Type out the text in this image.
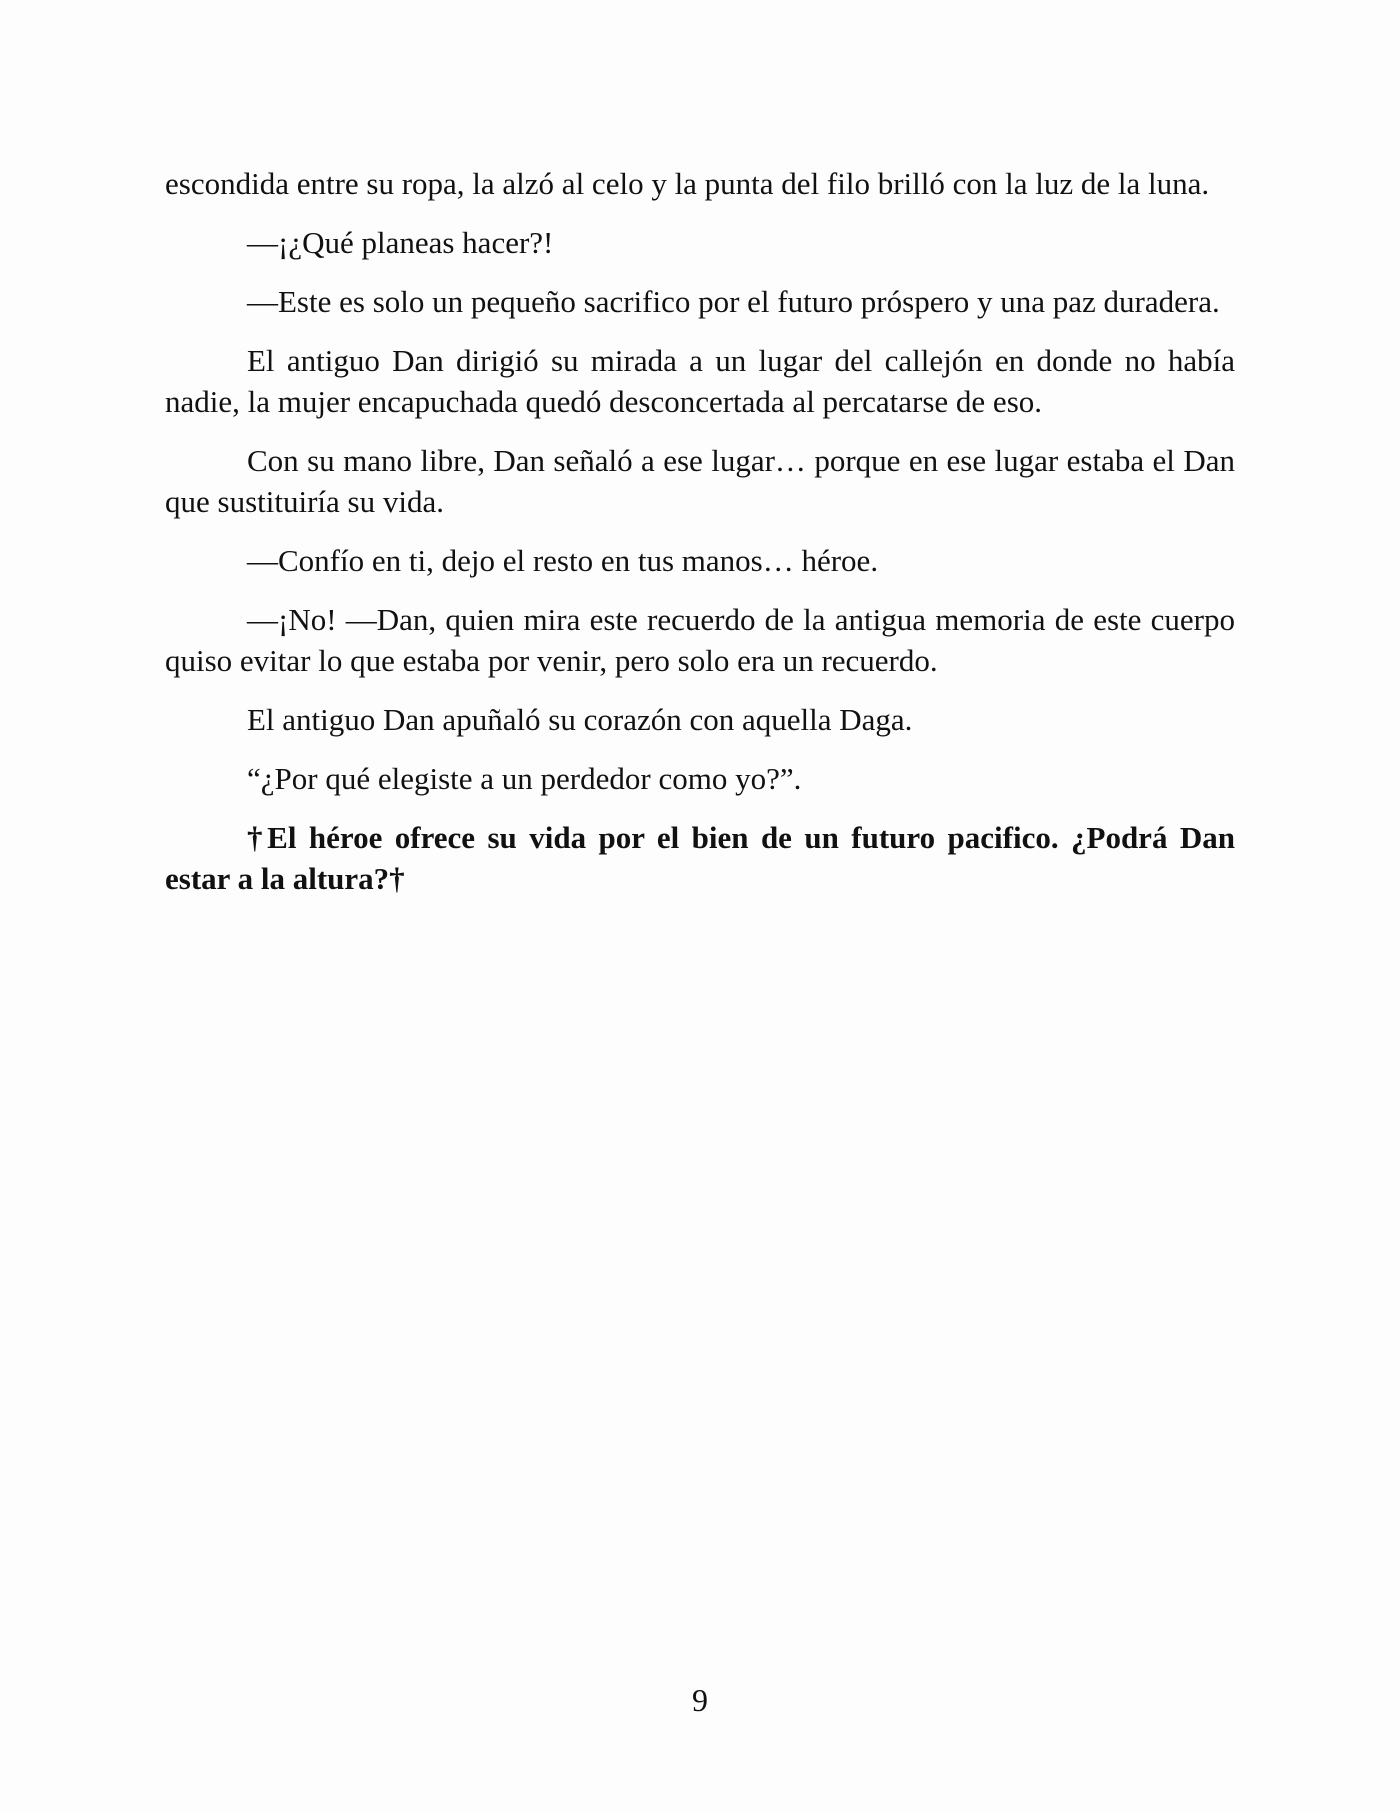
escondida entre su ropa, la alzó al celo y la punta del filo brilló con la luz de la luna.

—¡¿Qué planeas hacer?!

—Este es solo un pequeño sacrifico por el futuro próspero y una paz duradera.

El antiguo Dan dirigió su mirada a un lugar del callejón en donde no había nadie, la mujer encapuchada quedó desconcertada al percatarse de eso.

Con su mano libre, Dan señaló a ese lugar… porque en ese lugar estaba el Dan que sustituiría su vida.

—Confío en ti, dejo el resto en tus manos… héroe.

—¡No! —Dan, quien mira este recuerdo de la antigua memoria de este cuerpo quiso evitar lo que estaba por venir, pero solo era un recuerdo.

El antiguo Dan apuñaló su corazón con aquella Daga.

“¿Por qué elegiste a un perdedor como yo?”.

†El héroe ofrece su vida por el bien de un futuro pacifico. ¿Podrá Dan estar a la altura?†

9
